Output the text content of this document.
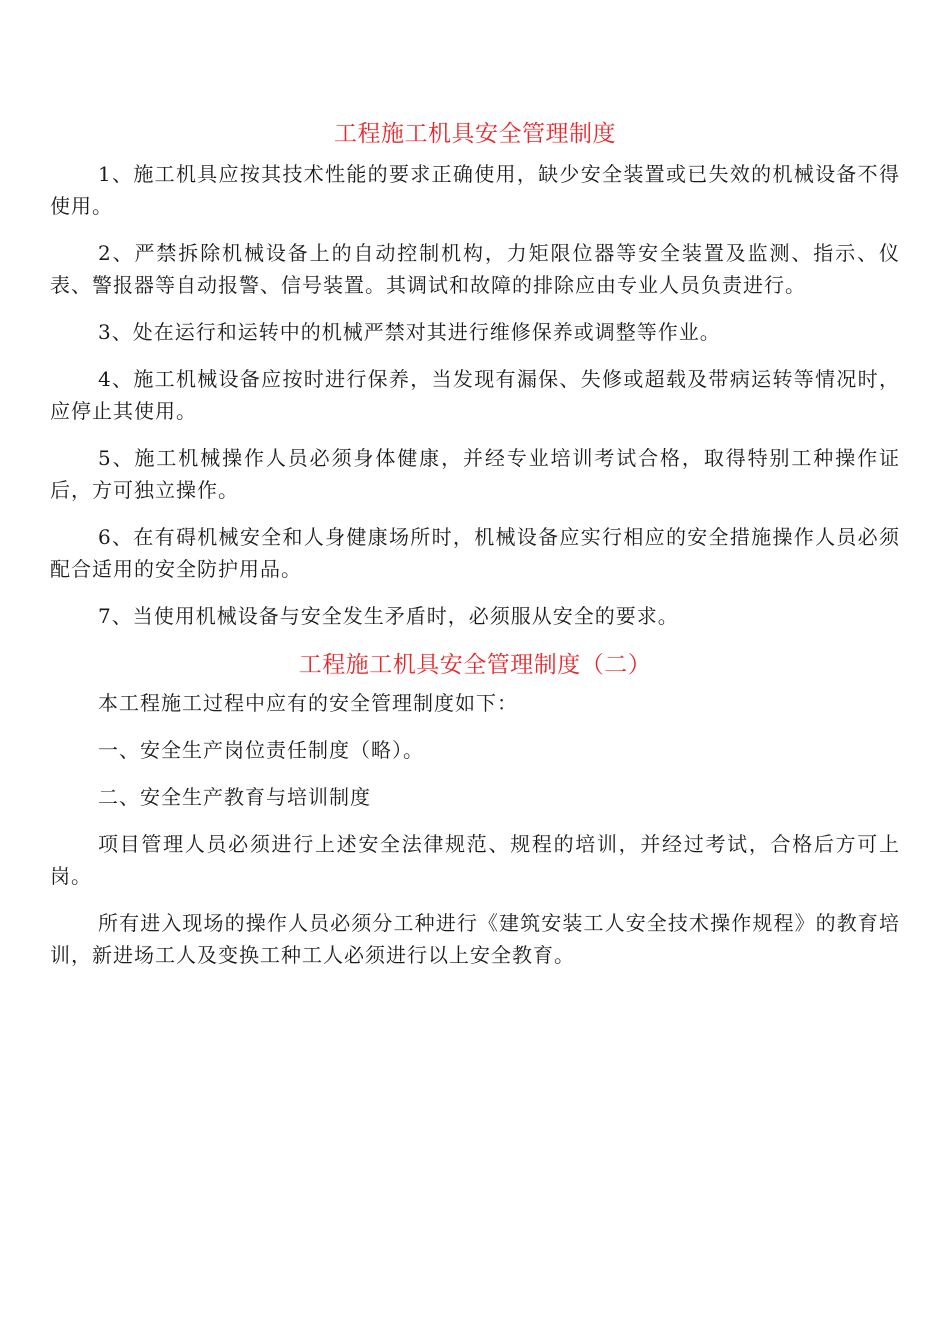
工程施工机具安全管理制度

1、施工机具应按其技术性能的要求正确使用，缺少安全装置或已失效的机械设备不得使用。

2、严禁拆除机械设备上的自动控制机构，力矩限位器等安全装置及监测、指示、仪表、警报器等自动报警、信号装置。其调试和故障的排除应由专业人员负责进行。

3、处在运行和运转中的机械严禁对其进行维修保养或调整等作业。

4、施工机械设备应按时进行保养，当发现有漏保、失修或超载及带病运转等情况时，应停止其使用。

5、施工机械操作人员必须身体健康，并经专业培训考试合格，取得特别工种操作证后，方可独立操作。

6、在有碍机械安全和人身健康场所时，机械设备应实行相应的安全措施操作人员必须配合适用的安全防护用品。

7、当使用机械设备与安全发生矛盾时，必须服从安全的要求。

工程施工机具安全管理制度（二）

本工程施工过程中应有的安全管理制度如下：

一、安全生产岗位责任制度（略）。

二、安全生产教育与培训制度

项目管理人员必须进行上述安全法律规范、规程的培训，并经过考试，合格后方可上岗。

所有进入现场的操作人员必须分工种进行《建筑安装工人安全技术操作规程》的教育培训，新进场工人及变换工种工人必须进行以上安全教育。
